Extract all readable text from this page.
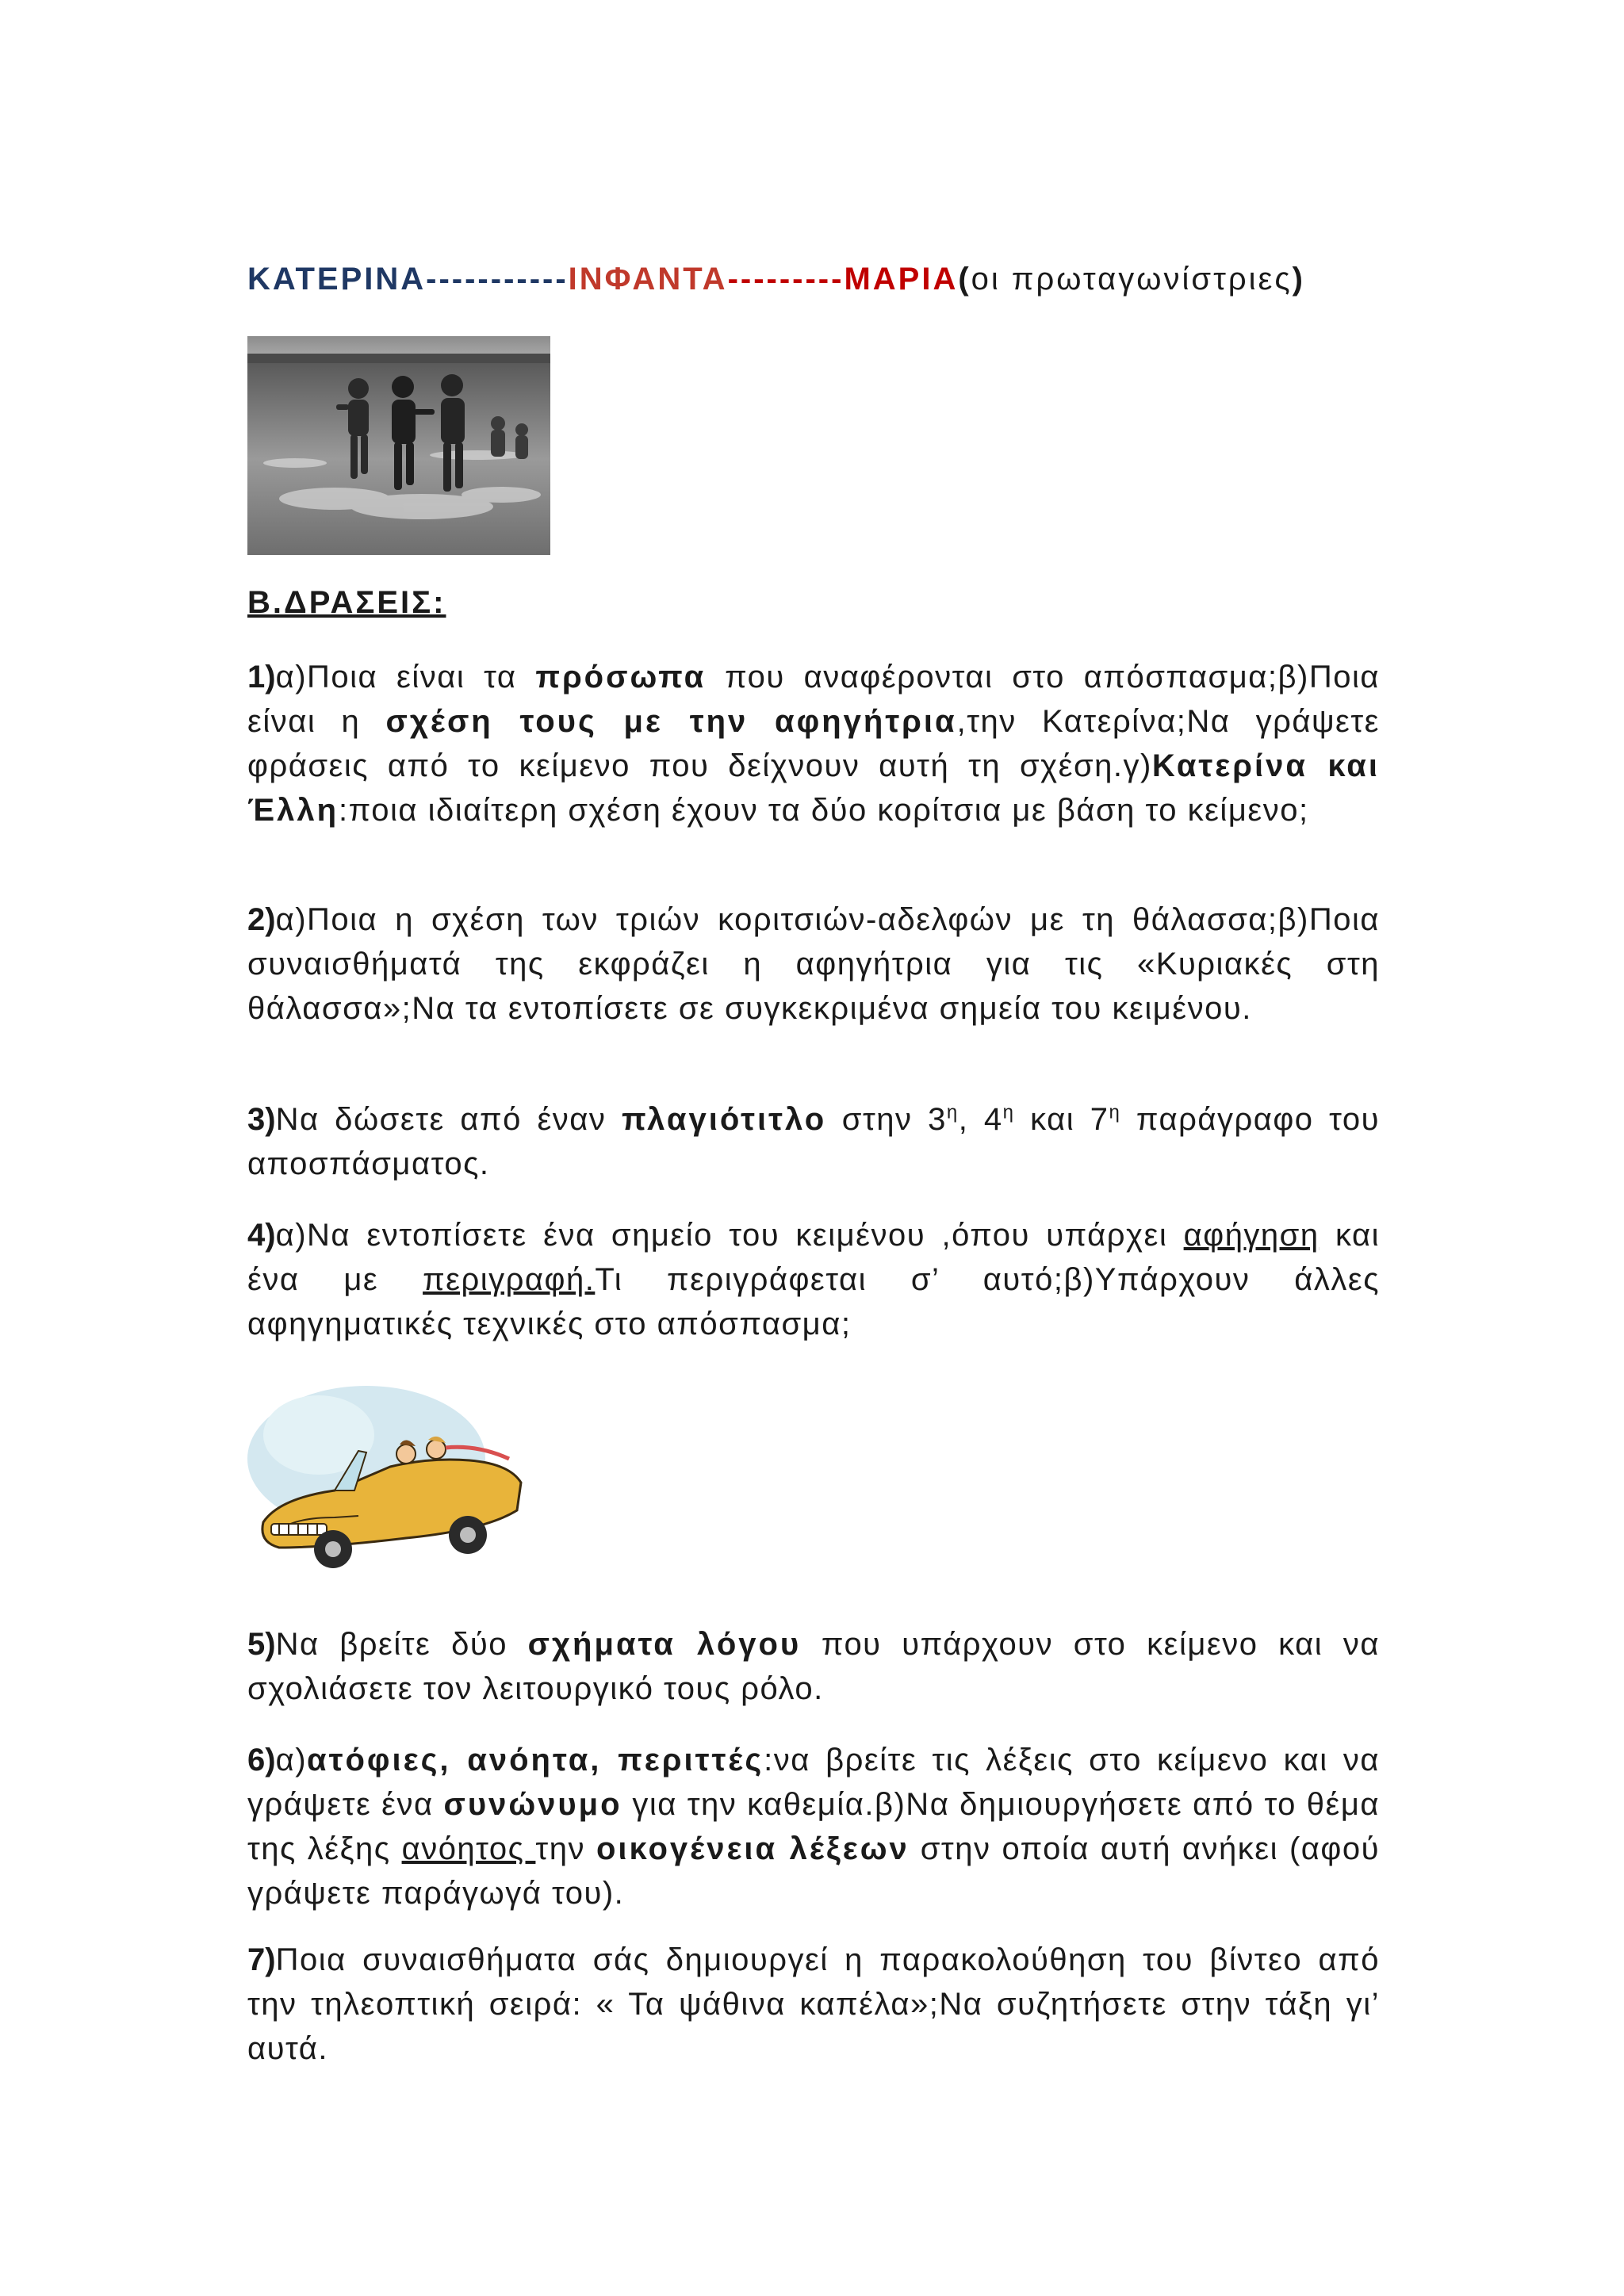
ΚΑΤΕΡΙΝΑ-----------ΙΝΦΑΝΤΑ---------ΜΑΡΙΑ(οι πρωταγωνίστριες)
Β.ΔΡΑΣΕΙΣ:
1)α)Ποια είναι τα πρόσωπα που αναφέρονται στο απόσπασμα;β)Ποια είναι η σχέση τους με την αφηγήτρια,την Κατερίνα;Να γράψετε φράσεις από το κείμενο που δείχνουν αυτή τη σχέση.γ)Κατερίνα και Έλλη:ποια ιδιαίτερη σχέση έχουν τα δύο κορίτσια με βάση το κείμενο;
2)α)Ποια η σχέση των τριών κοριτσιών-αδελφών με τη θάλασσα;β)Ποια συναισθήματά της εκφράζει η αφηγήτρια για τις «Κυριακές στη θάλασσα»;Να τα εντοπίσετε σε συγκεκριμένα σημεία του κειμένου.
3)Να δώσετε από έναν πλαγιότιτλο στην $3^\eta$, $4^\eta$ και $7^\eta$ παράγραφο του αποσπάσματος.
4)α)Να εντοπίσετε ένα σημείο του κειμένου ,όπου υπάρχει αφήγηση και ένα με περιγραφή.Τι περιγράφεται σ’ αυτό;β)Υπάρχουν άλλες αφηγηματικές τεχνικές στο απόσπασμα;
5)Να βρείτε δύο σχήματα λόγου που υπάρχουν στο κείμενο και να σχολιάσετε τον λειτουργικό τους ρόλο.
6)α)ατόφιες, ανόητα, περιττές:να βρείτε τις λέξεις στο κείμενο και να γράψετε ένα συνώνυμο για την καθεμία.β)Να δημιουργήσετε από το θέμα της λέξης ανόητος την οικογένεια λέξεων στην οποία αυτή ανήκει (αφού γράψετε παράγωγά του).
7)Ποια συναισθήματα σάς δημιουργεί η παρακολούθηση του βίντεο από την τηλεοπτική σειρά: « Τα ψάθινα καπέλα»;Να συζητήσετε στην τάξη γι’ αυτά.
